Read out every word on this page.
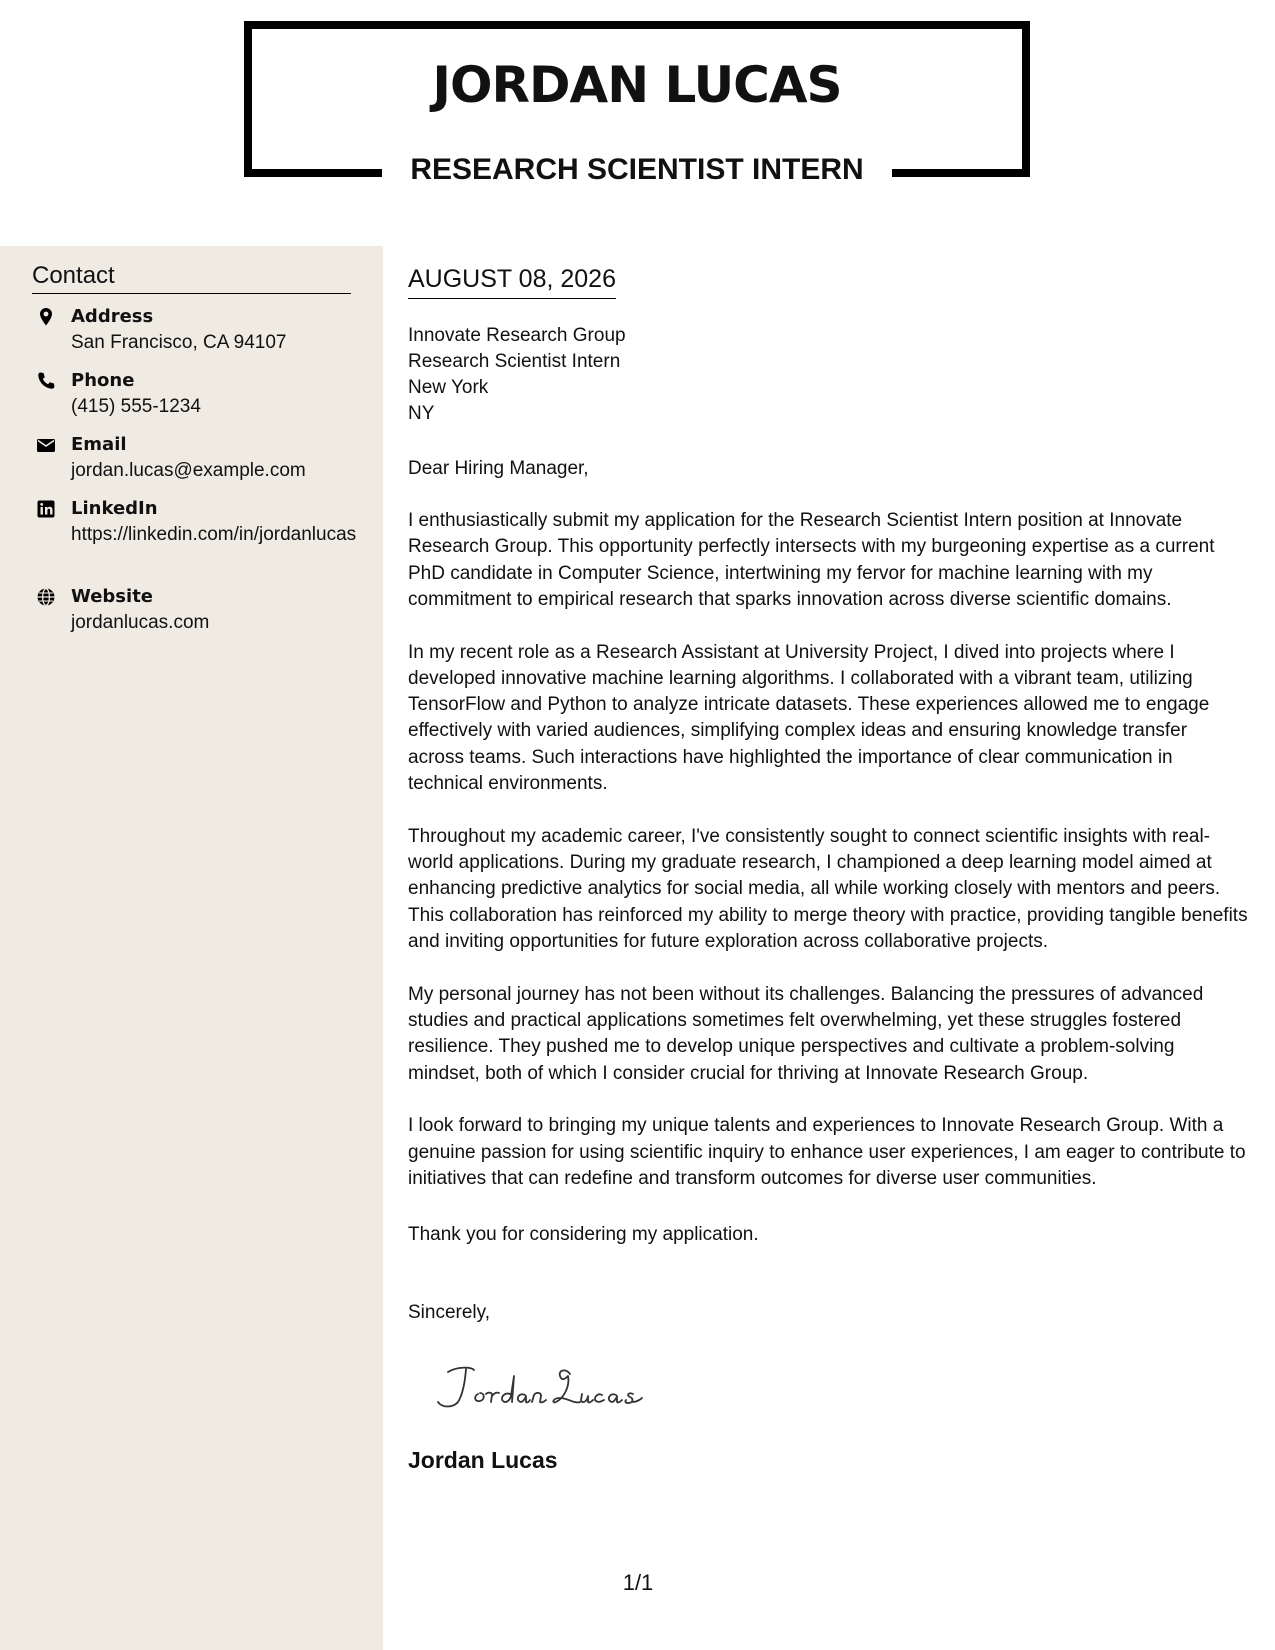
JORDAN LUCAS
RESEARCH SCIENTIST INTERN
Contact
Address
San Francisco, CA 94107
Phone
(415) 555-1234
Email
jordan.lucas@example.com
LinkedIn
https://linkedin.com/in/jordanlucas
Website
jordanlucas.com
AUGUST 08, 2026
Innovate Research Group
Research Scientist Intern
New York
NY
Dear Hiring Manager,

I enthusiastically submit my application for the Research Scientist Intern position at Innovate Research Group. This opportunity perfectly intersects with my burgeoning expertise as a current PhD candidate in Computer Science, intertwining my fervor for machine learning with my commitment to empirical research that sparks innovation across diverse scientific domains.

In my recent role as a Research Assistant at University Project, I dived into projects where I developed innovative machine learning algorithms. I collaborated with a vibrant team, utilizing TensorFlow and Python to analyze intricate datasets. These experiences allowed me to engage effectively with varied audiences, simplifying complex ideas and ensuring knowledge transfer across teams. Such interactions have highlighted the importance of clear communication in technical environments.

Throughout my academic career, I've consistently sought to connect scientific insights with real-world applications. During my graduate research, I championed a deep learning model aimed at enhancing predictive analytics for social media, all while working closely with mentors and peers. This collaboration has reinforced my ability to merge theory with practice, providing tangible benefits and inviting opportunities for future exploration across collaborative projects.

My personal journey has not been without its challenges. Balancing the pressures of advanced studies and practical applications sometimes felt overwhelming, yet these struggles fostered resilience. They pushed me to develop unique perspectives and cultivate a problem-solving mindset, both of which I consider crucial for thriving at Innovate Research Group.

I look forward to bringing my unique talents and experiences to Innovate Research Group. With a genuine passion for using scientific inquiry to enhance user experiences, I am eager to contribute to initiatives that can redefine and transform outcomes for diverse user communities.

Thank you for considering my application.
Sincerely,
Jordan Lucas
1/1
